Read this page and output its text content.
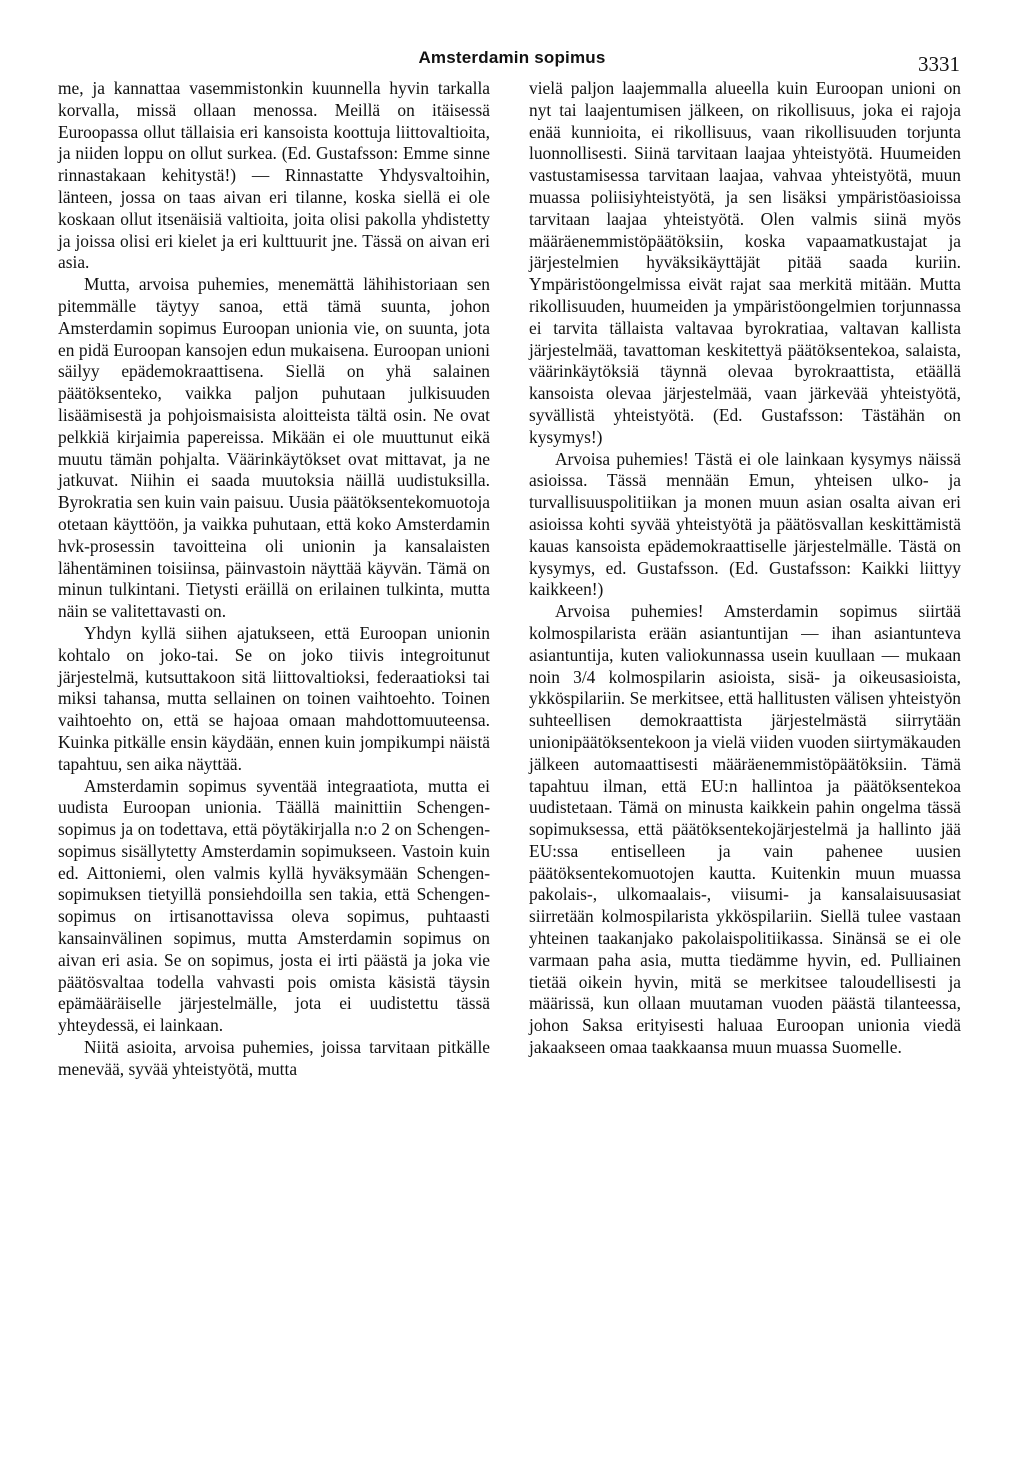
Amsterdamin sopimus	3331

me, ja kannattaa vasemmistonkin kuunnella hyvin tarkalla korvalla, missä ollaan menossa. Meillä on itäisessä Euroopassa ollut tällaisia eri kansoista koottuja liittovaltioita, ja niiden loppu on ollut surkea. (Ed. Gustafsson: Emme sinne rinnastakaan kehitystä!) — Rinnastatte Yhdysvaltoihin, länteen, jossa on taas aivan eri tilanne, koska siellä ei ole koskaan ollut itsenäisiä valtioita, joita olisi pakolla yhdistetty ja joissa olisi eri kielet ja eri kulttuurit jne. Tässä on aivan eri asia.

Mutta, arvoisa puhemies, menemättä lähihistoriaan sen pitemmälle täytyy sanoa, että tämä suunta, johon Amsterdamin sopimus Euroopan unionia vie, on suunta, jota en pidä Euroopan kansojen edun mukaisena. Euroopan unioni säilyy epädemokraattisena. Siellä on yhä salainen päätöksenteko, vaikka paljon puhutaan julkisuuden lisäämisestä ja pohjoismaisista aloitteista tältä osin. Ne ovat pelkkiä kirjaimia papereissa. Mikään ei ole muuttunut eikä muutu tämän pohjalta. Väärinkäytökset ovat mittavat, ja ne jatkuvat. Niihin ei saada muutoksia näillä uudistuksilla. Byrokratia sen kuin vain paisuu. Uusia päätöksentekomuotoja otetaan käyttöön, ja vaikka puhutaan, että koko Amsterdamin hvk-prosessin tavoitteina oli unionin ja kansalaisten lähentäminen toisiinsa, päinvastoin näyttää käyvän. Tämä on minun tulkintani. Tietysti eräillä on erilainen tulkinta, mutta näin se valitettavasti on.

Yhdyn kyllä siihen ajatukseen, että Euroopan unionin kohtalo on joko-tai. Se on joko tiivis integroitunut järjestelmä, kutsuttakoon sitä liittovaltioksi, federaatioksi tai miksi tahansa, mutta sellainen on toinen vaihtoehto. Toinen vaihtoehto on, että se hajoaa omaan mahdottomuuteensa. Kuinka pitkälle ensin käydään, ennen kuin jompikumpi näistä tapahtuu, sen aika näyttää.

Amsterdamin sopimus syventää integraatiota, mutta ei uudista Euroopan unionia. Täällä mainittiin Schengen-sopimus ja on todettava, että pöytäkirjalla n:o 2 on Schengen-sopimus sisällytetty Amsterdamin sopimukseen. Vastoin kuin ed. Aittoniemi, olen valmis kyllä hyväksymään Schengen-sopimuksen tietyillä ponsiehdoilla sen takia, että Schengen-sopimus on irtisanottavissa oleva sopimus, puhtaasti kansainvälinen sopimus, mutta Amsterdamin sopimus on aivan eri asia. Se on sopimus, josta ei irti päästä ja joka vie päätösvaltaa todella vahvasti pois omista käsistä täysin epämääräiselle järjestelmälle, jota ei uudistettu tässä yhteydessä, ei lainkaan.

Niitä asioita, arvoisa puhemies, joissa tarvitaan pitkälle menevää, syvää yhteistyötä, mutta

vielä paljon laajemmalla alueella kuin Euroopan unioni on nyt tai laajentumisen jälkeen, on rikollisuus, joka ei rajoja enää kunnioita, ei rikollisuus, vaan rikollisuuden torjunta luonnollisesti. Siinä tarvitaan laajaa yhteistyötä. Huumeiden vastustamisessa tarvitaan laajaa, vahvaa yhteistyötä, muun muassa poliisiyhteistyötä, ja sen lisäksi ympäristöasioissa tarvitaan laajaa yhteistyötä. Olen valmis siinä myös määräenemmistöpäätöksiin, koska vapaamatkustajat ja järjestelmien hyväksikäyttäjät pitää saada kuriin. Ympäristöongelmissa eivät rajat saa merkitä mitään. Mutta rikollisuuden, huumeiden ja ympäristöongelmien torjunnassa ei tarvita tällaista valtavaa byrokratiaa, valtavan kallista järjestelmää, tavattoman keskitettyä päätöksentekoa, salaista, väärinkäytöksiä täynnä olevaa byrokraattista, etäällä kansoista olevaa järjestelmää, vaan järkevää yhteistyötä, syvällistä yhteistyötä. (Ed. Gustafsson: Tästähän on kysymys!)

Arvoisa puhemies! Tästä ei ole lainkaan kysymys näissä asioissa. Tässä mennään Emun, yhteisen ulko- ja turvallisuuspolitiikan ja monen muun asian osalta aivan eri asioissa kohti syvää yhteistyötä ja päätösvallan keskittämistä kauas kansoista epädemokraattiselle järjestelmälle. Tästä on kysymys, ed. Gustafsson. (Ed. Gustafsson: Kaikki liittyy kaikkeen!)

Arvoisa puhemies! Amsterdamin sopimus siirtää kolmospilarista erään asiantuntijan — ihan asiantunteva asiantuntija, kuten valiokunnassa usein kuullaan — mukaan noin 3/4 kolmospilarin asioista, sisä- ja oikeusasioista, ykköspilariin. Se merkitsee, että hallitusten välisen yhteistyön suhteellisen demokraattista järjestelmästä siirrytään unionipäätöksentekoon ja vielä viiden vuoden siirtymäkauden jälkeen automaattisesti määräenemmistöpäätöksiin. Tämä tapahtuu ilman, että EU:n hallintoa ja päätöksentekoa uudistetaan. Tämä on minusta kaikkein pahin ongelma tässä sopimuksessa, että päätöksentekojärjestelmä ja hallinto jää EU:ssa entiselleen ja vain pahenee uusien päätöksentekomuotojen kautta. Kuitenkin muun muassa pakolais-, ulkomaalais-, viisumi- ja kansalaisuusasiat siirretään kolmospilarista ykköspilariin. Siellä tulee vastaan yhteinen taakanjako pakolaispolitiikassa. Sinänsä se ei ole varmaan paha asia, mutta tiedämme hyvin, ed. Pulliainen tietää oikein hyvin, mitä se merkitsee taloudellisesti ja määrissä, kun ollaan muutaman vuoden päästä tilanteessa, johon Saksa erityisesti haluaa Euroopan unionia viedä jakaakseen omaa taakkaansa muun muassa Suomelle.
